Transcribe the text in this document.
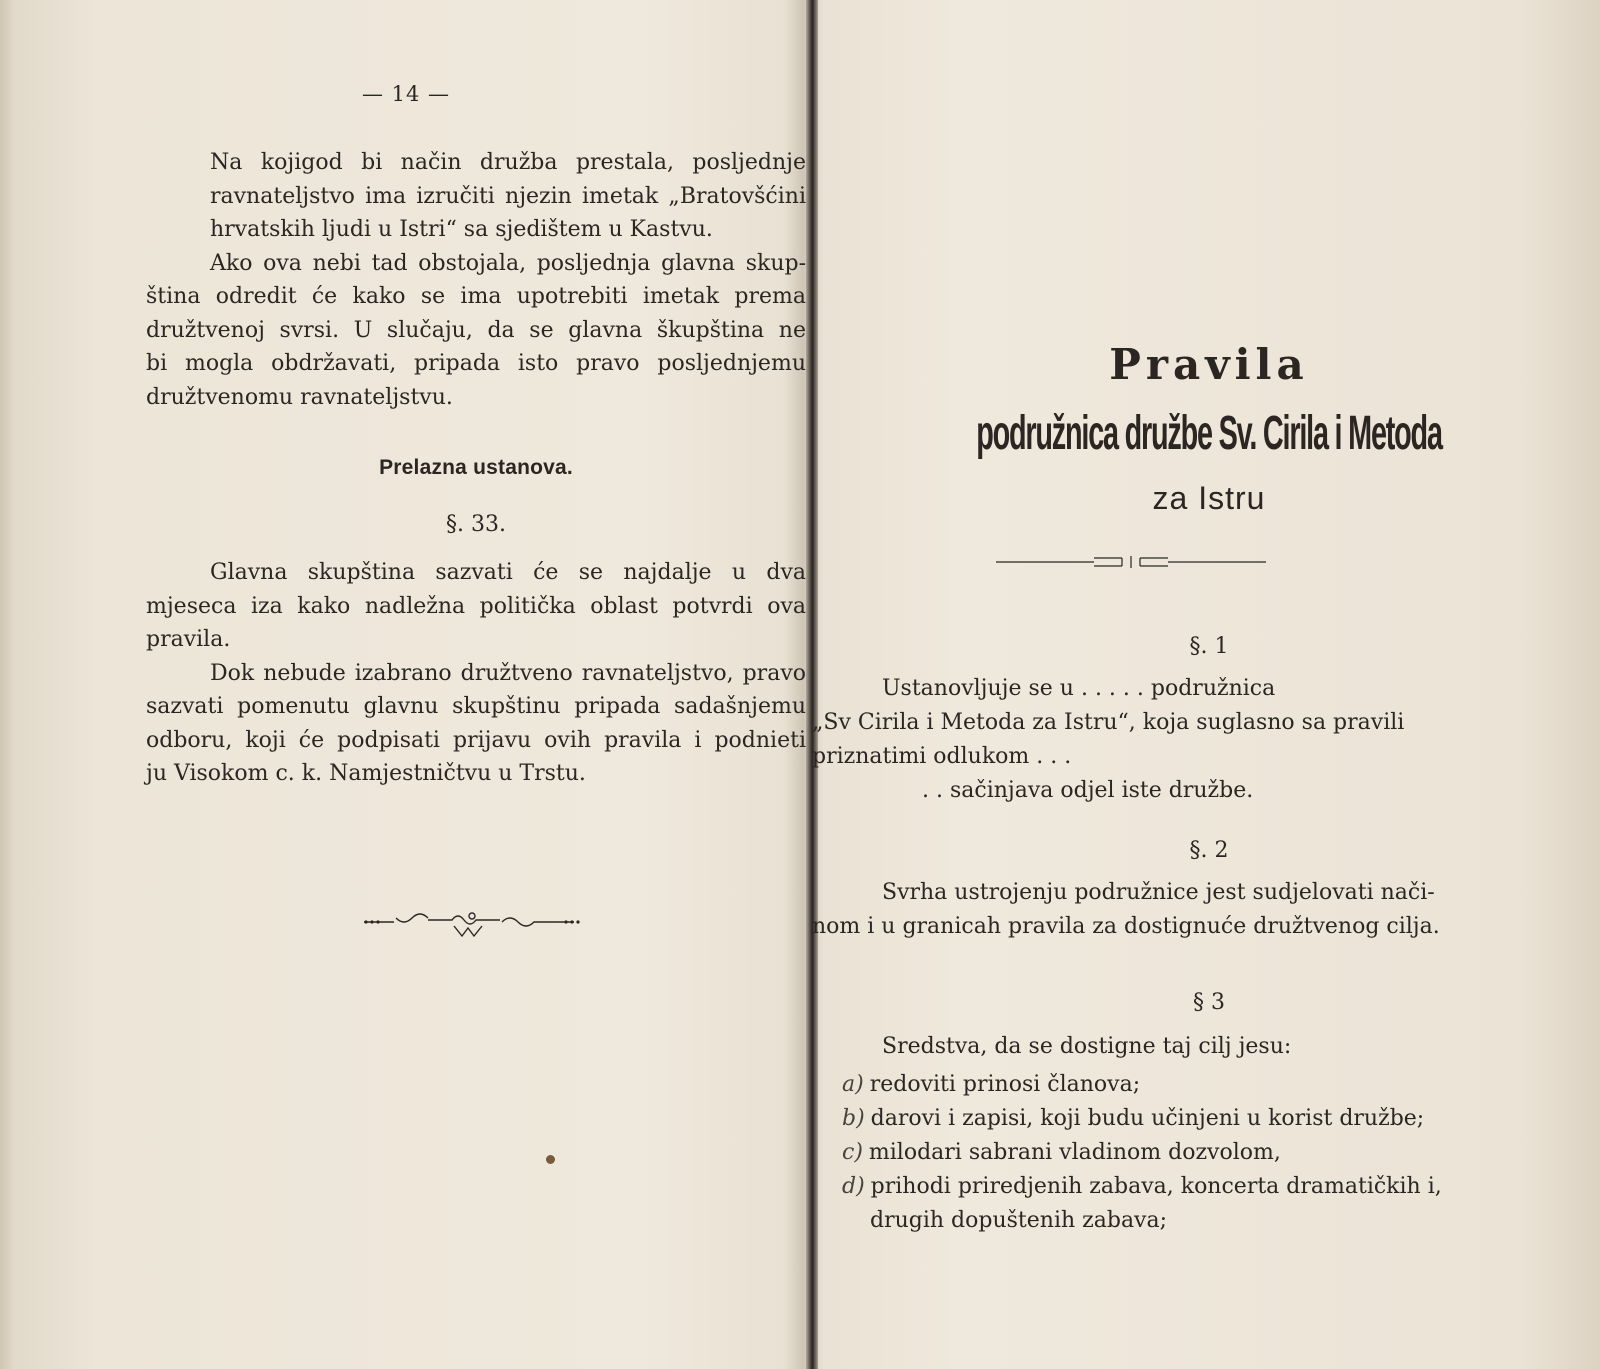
— 14 —

Na kojigod bi način družba prestala, posljednje
ravnateljstvo ima izručiti njezin imetak „Bratovšćini
hrvatskih ljudi u Istri“ sa sjedištem u Kastvu.

Ako ova nebi tad obstojala, posljednja glavna skup-
ština odredit će kako se ima upotrebiti imetak prema
družtvenoj svrsi. U slučaju, da se glavna škupština ne
bi mogla obdržavati, pripada isto pravo posljednjemu
družtvenomu ravnateljstvu.

Prelazna ustanova.
§. 33.

Glavna skupština sazvati će se najdalje u dva
mjeseca iza kako nadležna politička oblast potvrdi ova
pravila.

Dok nebude izabrano družtveno ravnateljstvo, pravo
sazvati pomenutu glavnu skupštinu pripada sadašnjemu
odboru, koji će podpisati prijavu ovih pravila i podnieti
ju Visokom c. k. Namjestničtvu u Trstu.

Pravila
podružnica družbe Sv. Cirila i Metoda
za Istru
§. 1
Ustanovljuje se u . . . . . podružnica
„Sv Cirila i Metoda za Istru“, koja suglasno sa pravili
priznatimi odlukom . . .
. . sačinjava odjel iste družbe.
§. 2
Svrha ustrojenju podružnice jest sudjelovati nači-
nom i u granicah pravila za dostignuće družtvenog cilja.
§ 3
Sredstva, da se dostigne taj cilj jesu:
a) redoviti prinosi članova;
b) darovi i zapisi, koji budu učinjeni u korist družbe;
c) milodari sabrani vladinom dozvolom,
d) prihodi priredjenih zabava, koncerta dramatičkih i,
drugih dopuštenih zabava;
